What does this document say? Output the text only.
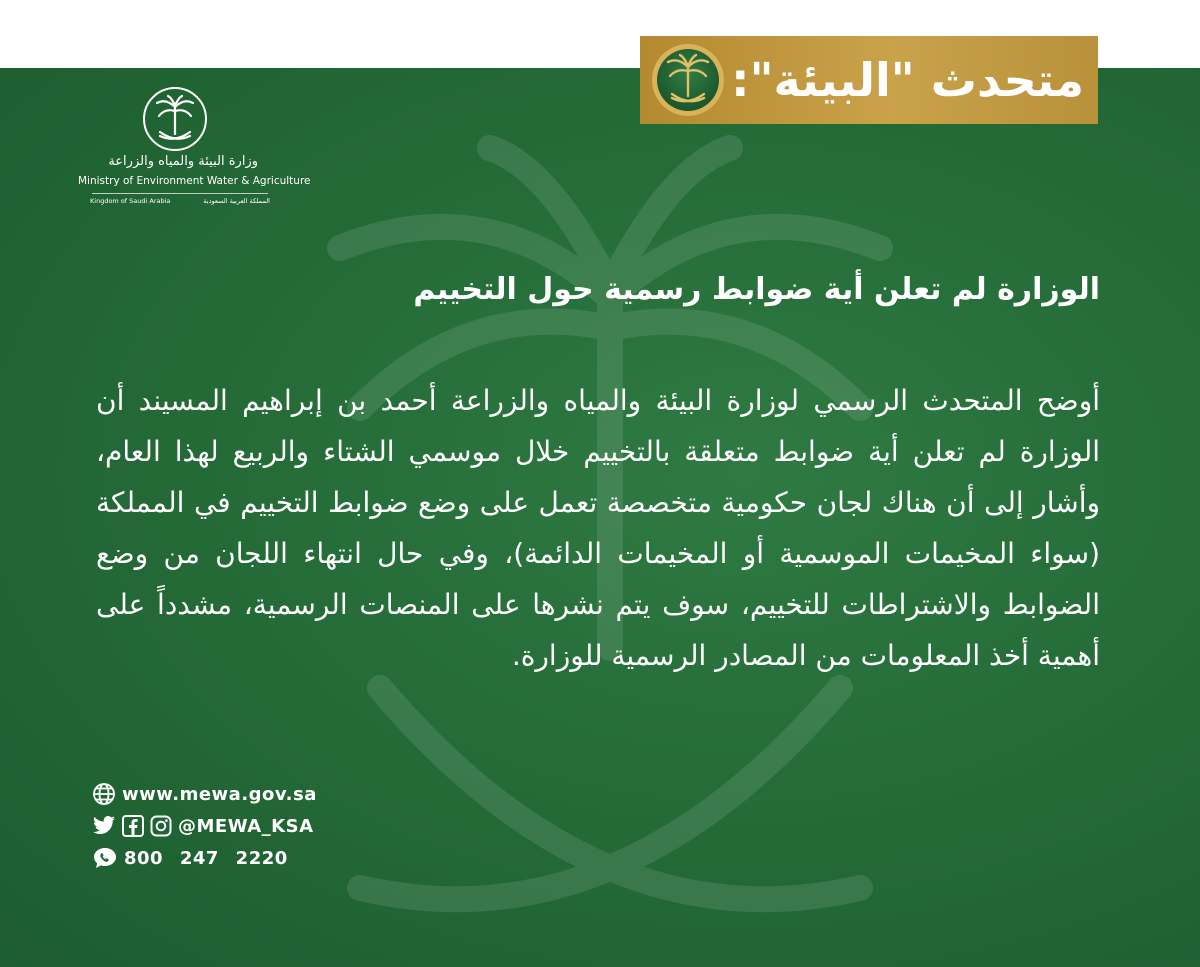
متحدث "البيئة":
وزارة البيئة والمياه والزراعة
Ministry of Environment Water & Agriculture
Kingdom of Saudi Arabia	المملكة العربية السعودية
الوزارة لم تعلن أية ضوابط رسمية حول التخييم
أوضح المتحدث الرسمي لوزارة البيئة والمياه والزراعة أحمد بن إبراهيم المسيند أن الوزارة لم تعلن أية ضوابط متعلقة بالتخييم خلال موسمي الشتاء والربيع لهذا العام، وأشار إلى أن هناك لجان حكومية متخصصة تعمل على وضع ضوابط التخييم في المملكة (سواء المخيمات الموسمية أو المخيمات الدائمة)، وفي حال انتهاء اللجان من وضع الضوابط والاشتراطات للتخييم، سوف يتم نشرها على المنصات الرسمية، مشدداً على أهمية أخذ المعلومات من المصادر الرسمية للوزارة.
www.mewa.gov.sa
@MEWA_KSA
800 247 2220
